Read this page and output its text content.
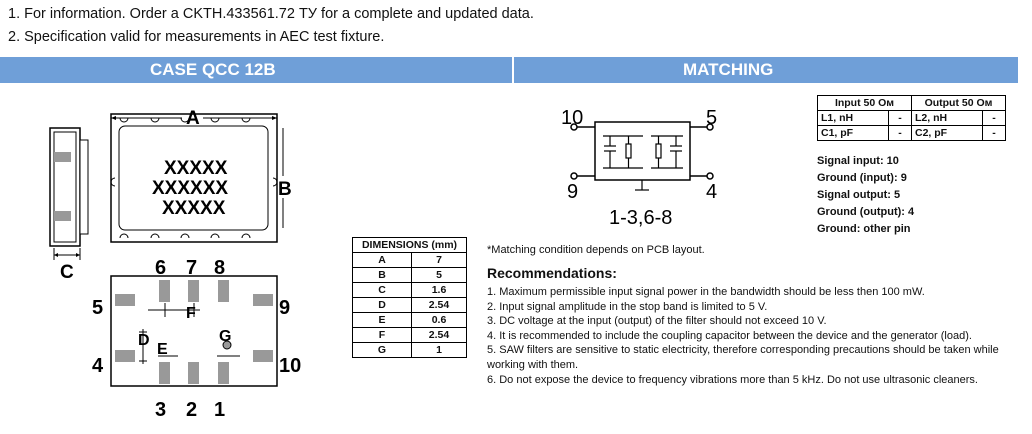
1. For information. Order a CKTH.433561.72 ТУ for a complete and updated data.
2. Specification valid for measurements in AEC test fixture.
CASE QCC 12B	MATCHING
XXXXX
XXXXXX
XXXXX
A
B
C
F
D
E
G
6 7 8
3 2 1
5	9
4	10
DIMENSIONS (mm)	
A	7
B	5
C	1.6
D	2.54
E	0.6
F	2.54
G	1
10	5
9	4
1-3,6-8
Input 50 Ом		Output 50 Ом	
L1, nH	-	L2, nH	-
C1, pF	-	C2, pF	-
Signal input: 10
Ground (input): 9
Signal output: 5
Ground (output): 4
Ground: other pin
*Matching condition depends on PCB layout.
Recommendations:
1. Maximum permissible input signal power in the bandwidth should be less then 100 mW.
2. Input signal amplitude in the stop band is limited to 5 V.
3. DC voltage at the input (output) of the filter should not exceed 10 V.
4. It is recommended to include the coupling capacitor between the device and the generator (load).
5. SAW filters are sensitive to static electricity, therefore corresponding precautions should be taken while working with them.
6. Do not expose the device to frequency vibrations more than 5 kHz. Do not use ultrasonic cleaners.
